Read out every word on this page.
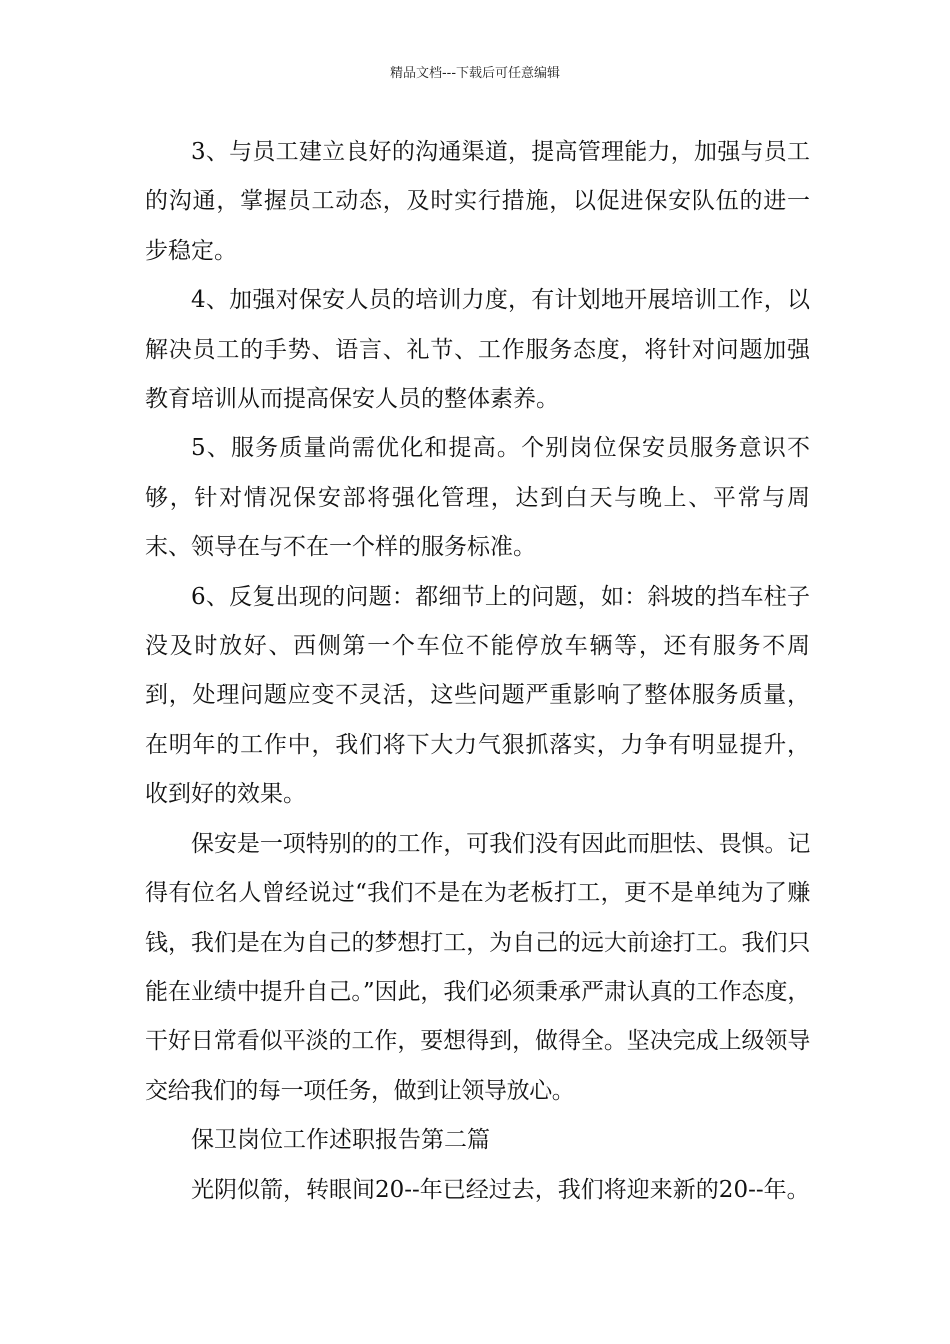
精品文档---下载后可任意编辑

3、与员工建立良好的沟通渠道，提高管理能力，加强与员工的沟通，掌握员工动态，及时实行措施，以促进保安队伍的进一步稳定。

4、加强对保安人员的培训力度，有计划地开展培训工作，以解决员工的手势、语言、礼节、工作服务态度，将针对问题加强教育培训从而提高保安人员的整体素养。

5、服务质量尚需优化和提高。个别岗位保安员服务意识不够，针对情况保安部将强化管理，达到白天与晚上、平常与周末、领导在与不在一个样的服务标准。

6、反复出现的问题：都细节上的问题，如：斜坡的挡车柱子没及时放好、西侧第一个车位不能停放车辆等，还有服务不周到，处理问题应变不灵活，这些问题严重影响了整体服务质量，在明年的工作中，我们将下大力气狠抓落实，力争有明显提升，收到好的效果。

保安是一项特别的的工作，可我们没有因此而胆怯、畏惧。记得有位名人曾经说过“我们不是在为老板打工，更不是单纯为了赚钱，我们是在为自己的梦想打工，为自己的远大前途打工。我们只能在业绩中提升自己。”因此，我们必须秉承严肃认真的工作态度，干好日常看似平淡的工作，要想得到，做得全。坚决完成上级领导交给我们的每一项任务，做到让领导放心。

保卫岗位工作述职报告第二篇

光阴似箭，转眼间20--年已经过去，我们将迎来新的20--年。
